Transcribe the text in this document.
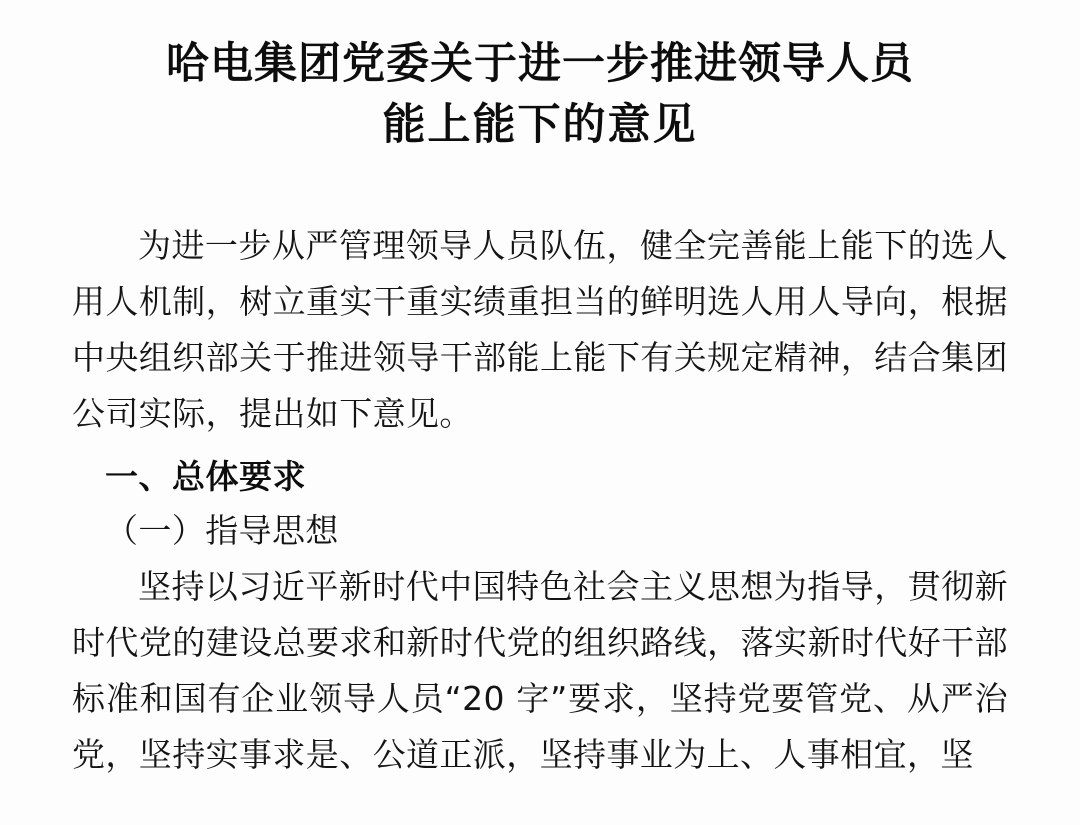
哈电集团党委关于进一步推进领导人员
能上能下的意见

为进一步从严管理领导人员队伍，健全完善能上能下的选人用人机制，树立重实干重实绩重担当的鲜明选人用人导向，根据中央组织部关于推进领导干部能上能下有关规定精神，结合集团公司实际，提出如下意见。

一、总体要求

（一）指导思想

坚持以习近平新时代中国特色社会主义思想为指导，贯彻新时代党的建设总要求和新时代党的组织路线，落实新时代好干部标准和国有企业领导人员“20 字”要求，坚持党要管党、从严治党，坚持实事求是、公道正派，坚持事业为上、人事相宜，坚
